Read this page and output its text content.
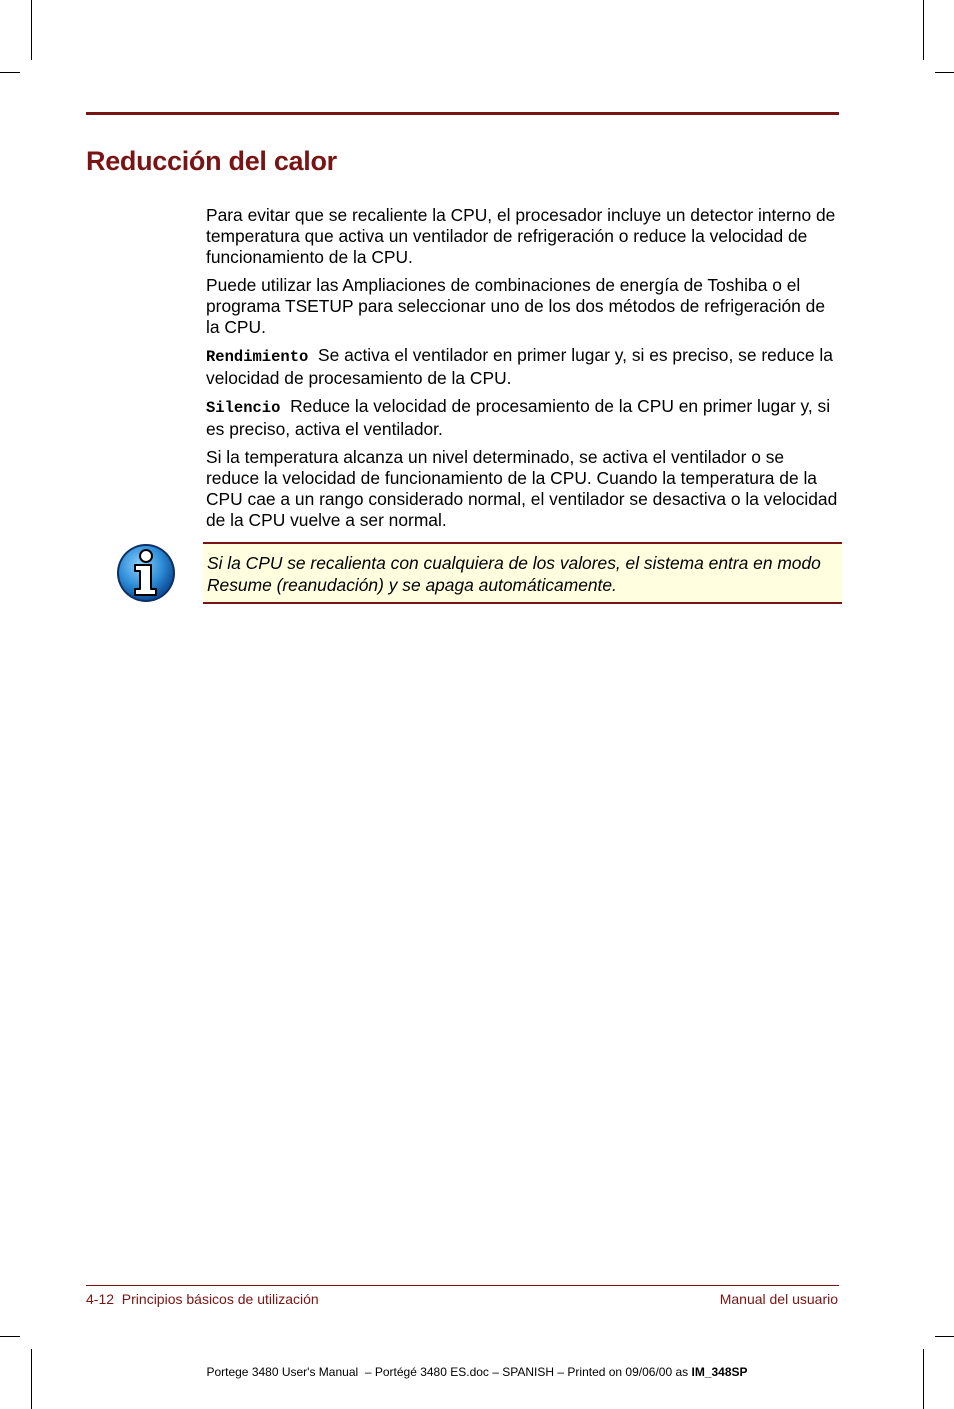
Reducción del calor

Para evitar que se recaliente la CPU, el procesador incluye un detector interno de temperatura que activa un ventilador de refrigeración o reduce la velocidad de funcionamiento de la CPU.

Puede utilizar las Ampliaciones de combinaciones de energía de Toshiba o el programa TSETUP para seleccionar uno de los dos métodos de refrigeración de la CPU.

Rendimiento Se activa el ventilador en primer lugar y, si es preciso, se reduce la velocidad de procesamiento de la CPU.

Silencio Reduce la velocidad de procesamiento de la CPU en primer lugar y, si es preciso, activa el ventilador.

Si la temperatura alcanza un nivel determinado, se activa el ventilador o se reduce la velocidad de funcionamiento de la CPU. Cuando la temperatura de la CPU cae a un rango considerado normal, el ventilador se desactiva o la velocidad de la CPU vuelve a ser normal.

Si la CPU se recalienta con cualquiera de los valores, el sistema entra en modo Resume (reanudación) y se apaga automáticamente.
4-12  Principios básicos de utilización	Manual del usuario
Portege 3480 User's Manual  – Portégé 3480 ES.doc – SPANISH – Printed on 09/06/00 as IM_348SP
